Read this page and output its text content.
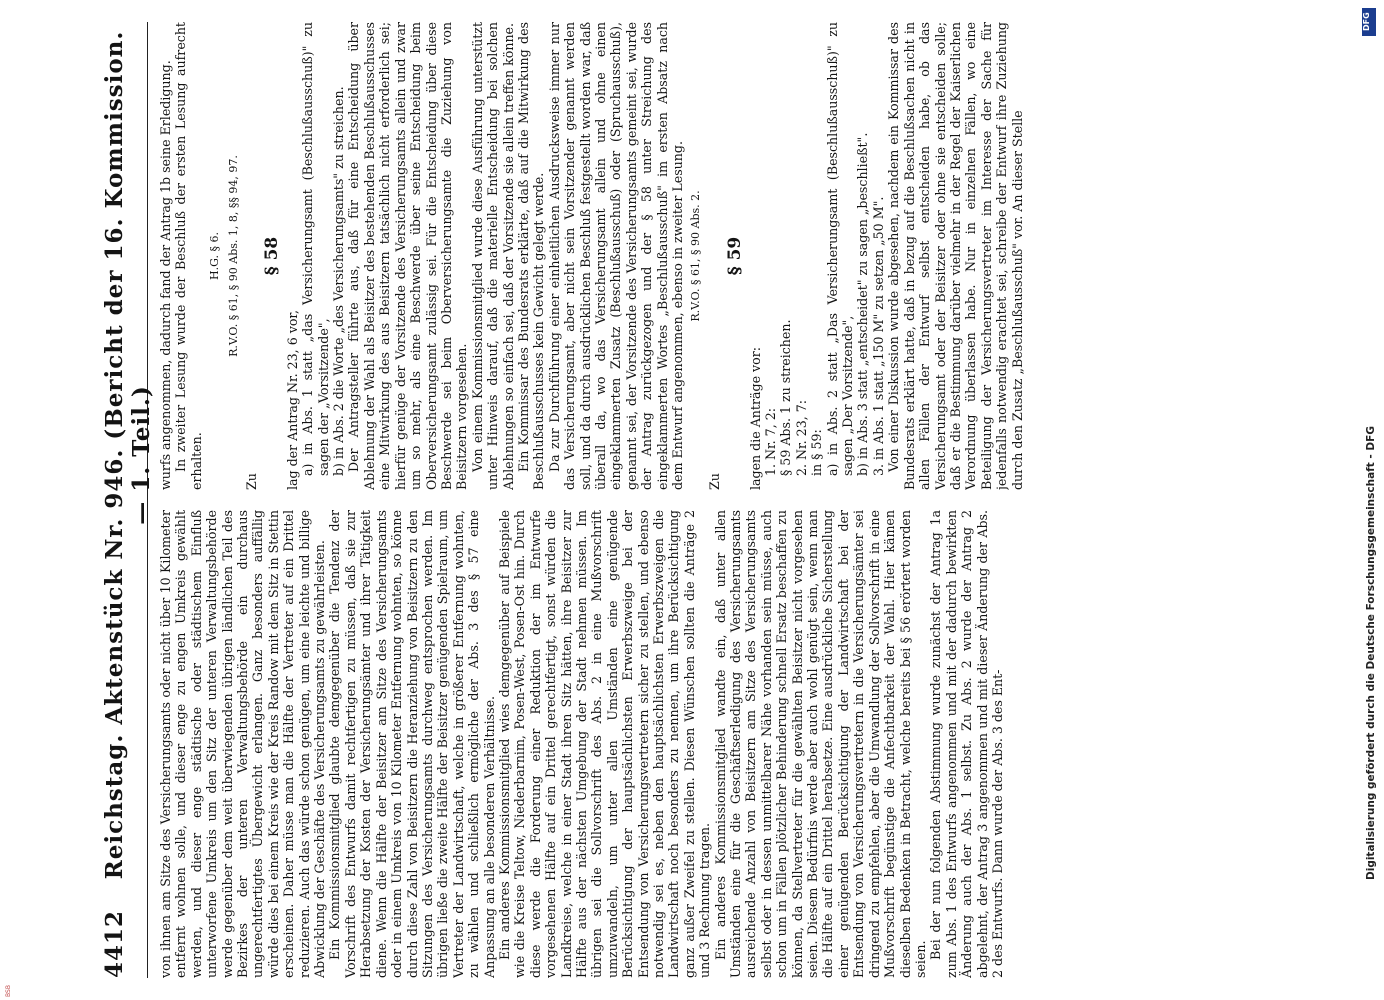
4412
Reichstag. Aktenstück Nr. 946. (Bericht der 16. Kommission. — 1. Teil.)

von ihnen am Sitze des Versicherungsamts oder nicht über 10 Kilometer entfernt wohnen solle, und dieser enge zu engen Umkreis gewählt werden, und dieser enge städtische oder städtischem Einfluß unterworfene Umkreis um den Sitz der unteren Verwaltungsbehörde werde gegenüber dem weit überwiegenden übrigen ländlichen Teil des Bezirkes der unteren Verwaltungsbehörde ein durchaus ungerechtfertigtes Übergewicht erlangen. Ganz besonders auffällig würde dies bei einem Kreis wie der Kreis Randow mit dem Sitz in Stettin erscheinen. Daher müsse man die Hälfte der Vertreter auf ein Drittel reduzieren. Auch das würde schon genügen, um eine leichte und billige Abwicklung der Geschäfte des Versicherungsamts zu gewährleisten. Ein Kommissionsmitglied glaubte demgegenüber die Tendenz der Vorschrift des Entwurfs damit rechtfertigen zu müssen, daß sie zur Herabsetzung der Kosten der Versicherungsämter und ihrer Tätigkeit diene. Wenn die Hälfte der Beisitzer am Sitze des Versicherungsamts oder in einem Umkreis von 10 Kilometer Entfernung wohnten, so könne durch diese Zahl von Beisitzern die Heranziehung von Beisitzern zu den Sitzungen des Versicherungsamts durchweg entsprochen werden. Im übrigen ließe die zweite Hälfte der Beisitzer genügenden Spielraum, um Vertreter der Landwirtschaft, welche in größerer Entfernung wohnten, zu wählen und schließlich ermögliche der Abs. 3 des § 57 eine Anpassung an alle besonderen Verhältnisse. Ein anderes Kommissionsmitglied wies demgegenüber auf Beispiele wie die Kreise Teltow, Niederbarnim, Posen-West, Posen-Ost hin. Durch diese werde die Forderung einer Reduktion der im Entwurfe vorgesehenen Hälfte auf ein Drittel gerechtfertigt, sonst würden die Landkreise, welche in einer Stadt ihren Sitz hätten, ihre Beisitzer zur Hälfte aus der nächsten Umgebung der Stadt nehmen müssen. Im übrigen sei die Sollvorschrift des Abs. 2 in eine Mußvorschrift umzuwandeln, um unter allen Umständen eine genügende Berücksichtigung der hauptsächlichsten Erwerbszweige bei der Entsendung von Versicherungsvertretern sicher zu stellen, und ebenso notwendig sei es, neben den hauptsächlichsten Erwerbszweigen die Landwirtschaft noch besonders zu nennen, um ihre Berücksichtigung ganz außer Zweifel zu stellen. Diesen Wünschen sollten die Anträge 2 und 3 Rechnung tragen. Ein anderes Kommissionsmitglied wandte ein, daß unter allen Umständen eine für die Geschäftserledigung des Versicherungsamts ausreichende Anzahl von Beisitzern am Sitze des Versicherungsamts selbst oder in dessen unmittelbarer Nähe vorhanden sein müsse, auch schon um in Fällen plötzlicher Behinderung schnell Ersatz beschaffen zu können, da Stellvertreter für die gewählten Beisitzer nicht vorgesehen seien. Diesem Bedürfnis werde aber auch wohl genügt sein, wenn man die Hälfte auf ein Drittel herabsetze. Eine ausdrückliche Sicherstellung einer genügenden Berücksichtigung der Landwirtschaft bei der Entsendung von Versicherungsvertretern in die Versicherungsämter sei dringend zu empfehlen, aber die Umwandlung der Sollvorschrift in eine Mußvorschrift begünstige die Anfechtbarkeit der Wahl. Hier kämen dieselben Bedenken in Betracht, welche bereits bei § 56 erörtert worden seien. Bei der nun folgenden Abstimmung wurde zunächst der Antrag 1a zum Abs. 1 des Entwurfs angenommen und mit der dadurch bewirkten Änderung auch der Abs. 1 selbst. Zu Abs. 2 wurde der Antrag 2 abgelehnt, der Antrag 3 angenommen und mit dieser Änderung der Abs. 2 des Entwurfs. Dann wurde der Abs. 3 des Ent-

wurfs angenommen, dadurch fand der Antrag 1b seine Erledigung. In zweiter Lesung wurde der Beschluß der ersten Lesung aufrecht erhalten.

H.G. § 6. R.V.O. § 61, § 90 Abs. 1, 8, §§ 94, 97.

Zu

§ 58

lag der Antrag Nr. 23, 6 vor, a) in Abs. 1 statt „das Versicherungsamt (Beschlußausschuß)" zu sagen der „Vorsitzende", b) in Abs. 2 die Worte „des Versicherungsamts" zu streichen. Der Antragsteller führte aus, daß für eine Entscheidung über Ablehnung der Wahl als Beisitzer des bestehenden Beschlußausschusses eine Mitwirkung des aus Beisitzern tatsächlich nicht erforderlich sei; hierfür genüge der Vorsitzende des Versicherungsamts allein und zwar um so mehr, als eine Beschwerde über seine Entscheidung beim Oberversicherungsamt zulässig sei. Für die Entscheidung über diese Beschwerde sei beim Oberversicherungsamte die Zuziehung von Beisitzern vorgesehen. Von einem Kommissionsmitglied wurde diese Ausführung unterstützt unter Hinweis darauf, daß die materielle Entscheidung bei solchen Ablehnungen so einfach sei, daß der Vorsitzende sie allein treffen könne. Ein Kommissar des Bundesrats erklärte, daß auf die Mitwirkung des Beschlußausschusses kein Gewicht gelegt werde. Da zur Durchführung einer einheitlichen Ausdrucksweise immer nur das Versicherungsamt, aber nicht sein Vorsitzender genannt werden soll, und da durch ausdrücklichen Beschluß festgestellt worden war, daß überall da, wo das Versicherungsamt allein und ohne einen eingeklammerten Zusatz (Beschlußausschuß) oder (Spruchausschuß), genannt sei, der Vorsitzende des Versicherungsamts gemeint sei, wurde der Antrag zurückgezogen und der § 58 unter Streichung des eingeklammerten Wortes „Beschlußausschuß" im ersten Absatz nach dem Entwurf angenommen, ebenso in zweiter Lesung. R.V.O. § 61, § 90 Abs. 2.

Zu

§ 59

lagen die Anträge vor: 1. Nr. 7, 2: § 59 Abs. 1 zu streichen. 2. Nr. 23, 7: in § 59: a) in Abs. 2 statt „Das Versicherungsamt (Beschlußausschuß)" zu sagen „Der Vorsitzende", b) in Abs. 3 statt „entscheidet" zu sagen „beschließt". 3. in Abs. 1 statt „150 M" zu setzen „50 M". Von einer Diskussion wurde abgesehen, nachdem ein Kommissar des Bundesrats erklärt hatte, daß in bezug auf die Beschlußsachen nicht in allen Fällen der Entwurf selbst entscheiden habe, ob das Versicherungsamt oder der Beisitzer oder ohne sie entscheiden solle; daß er die Bestimmung darüber vielmehr in der Regel der Kaiserlichen Verordnung überlassen habe. Nur in einzelnen Fällen, wo eine Beteiligung der Versicherungsvertreter im Interesse der Sache für jedenfalls notwendig erachtet sei, schreibe der Entwurf ihre Zuziehung durch den Zusatz „Beschlußausschuß" vor. An dieser Stelle

DFG
Digitalisierung gefördert durch die Deutsche Forschungsgemeinschaft - DFG
BSB
